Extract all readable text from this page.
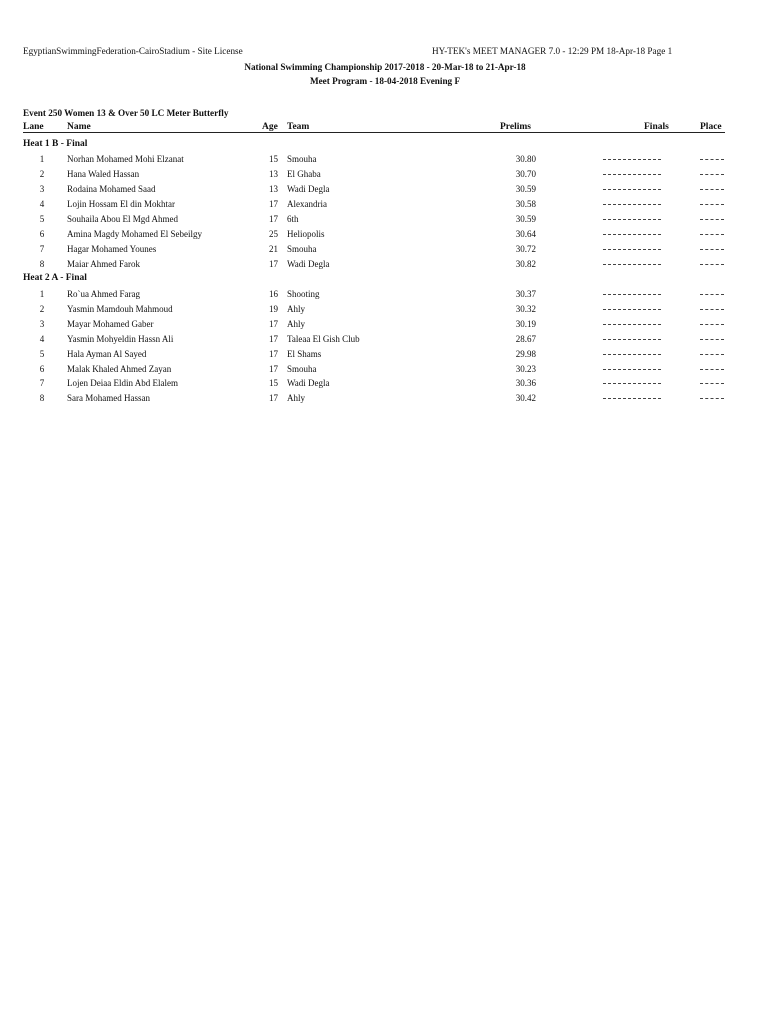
EgyptianSwimmingFederation-CairoStadium - Site License	HY-TEK's MEET MANAGER 7.0 - 12:29 PM 18-Apr-18 Page 1
National Swimming Championship 2017-2018 - 20-Mar-18 to 21-Apr-18
Meet Program - 18-04-2018 Evening F
Event 250 Women 13 & Over 50 LC Meter Butterfly
Lane Name	Age Team	Prelims	Finals	Place
Heat 1 B - Final
1	Norhan Mohamed Mohi Elzanat	15 Smouha	30.80
2	Hana Waled Hassan	13 El Ghaba	30.70
3	Rodaina Mohamed Saad	13 Wadi Degla	30.59
4	Lojin Hossam El din Mokhtar	17 Alexandria	30.58
5	Souhaila Abou El Mgd Ahmed	17 6th	30.59
6	Amina Magdy Mohamed El Sebeilgy	25 Heliopolis	30.64
7	Hagar Mohamed Younes	21 Smouha	30.72
8	Maiar Ahmed Farok	17 Wadi Degla	30.82
Heat 2 A - Final
1	Ro`ua Ahmed Farag	16 Shooting	30.37
2	Yasmin Mamdouh Mahmoud	19 Ahly	30.32
3	Mayar Mohamed Gaber	17 Ahly	30.19
4	Yasmin Mohyeldin Hassn Ali	17 Taleaa El Gish Club	28.67
5	Hala Ayman Al Sayed	17 El Shams	29.98
6	Malak Khaled Ahmed Zayan	17 Smouha	30.23
7	Lojen Deiaa Eldin Abd Elalem	15 Wadi Degla	30.36
8	Sara Mohamed Hassan	17 Ahly	30.42
